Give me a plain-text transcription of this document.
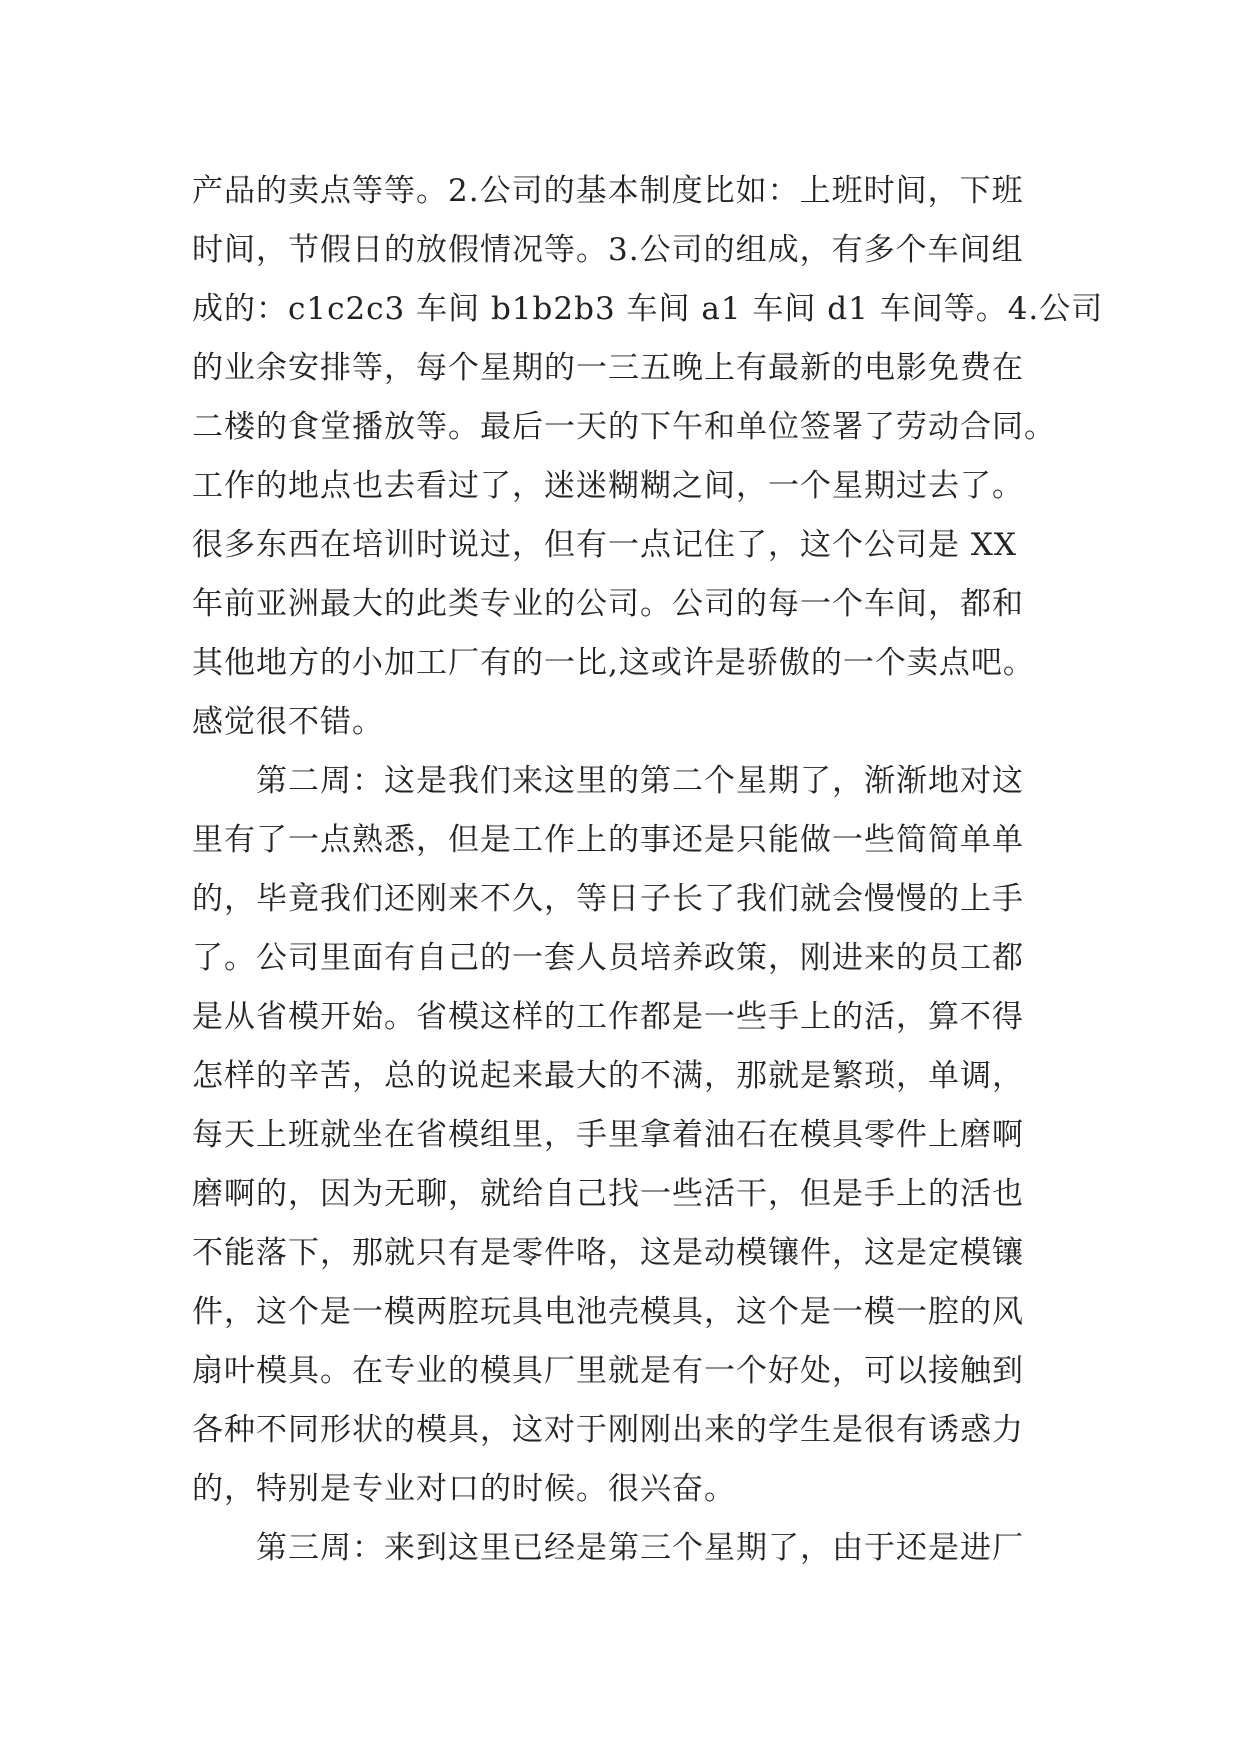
产品的卖点等等。2.公司的基本制度比如：上班时间，下班
时间，节假日的放假情况等。3.公司的组成，有多个车间组
成的：c1c2c3 车间 b1b2b3 车间 a1 车间 d1 车间等。4.公司
的业余安排等，每个星期的一三五晚上有最新的电影免费在
二楼的食堂播放等。最后一天的下午和单位签署了劳动合同。
工作的地点也去看过了，迷迷糊糊之间，一个星期过去了。
很多东西在培训时说过，但有一点记住了，这个公司是 XX
年前亚洲最大的此类专业的公司。公司的每一个车间，都和
其他地方的小加工厂有的一比,这或许是骄傲的一个卖点吧。
感觉很不错。
第二周：这是我们来这里的第二个星期了，渐渐地对这
里有了一点熟悉，但是工作上的事还是只能做一些简简单单
的，毕竟我们还刚来不久，等日子长了我们就会慢慢的上手
了。公司里面有自己的一套人员培养政策，刚进来的员工都
是从省模开始。省模这样的工作都是一些手上的活，算不得
怎样的辛苦，总的说起来最大的不满，那就是繁琐，单调，
每天上班就坐在省模组里，手里拿着油石在模具零件上磨啊
磨啊的，因为无聊，就给自己找一些活干，但是手上的活也
不能落下，那就只有是零件咯，这是动模镶件，这是定模镶
件，这个是一模两腔玩具电池壳模具，这个是一模一腔的风
扇叶模具。在专业的模具厂里就是有一个好处，可以接触到
各种不同形状的模具，这对于刚刚出来的学生是很有诱惑力
的，特别是专业对口的时候。很兴奋。
第三周：来到这里已经是第三个星期了，由于还是进厂
